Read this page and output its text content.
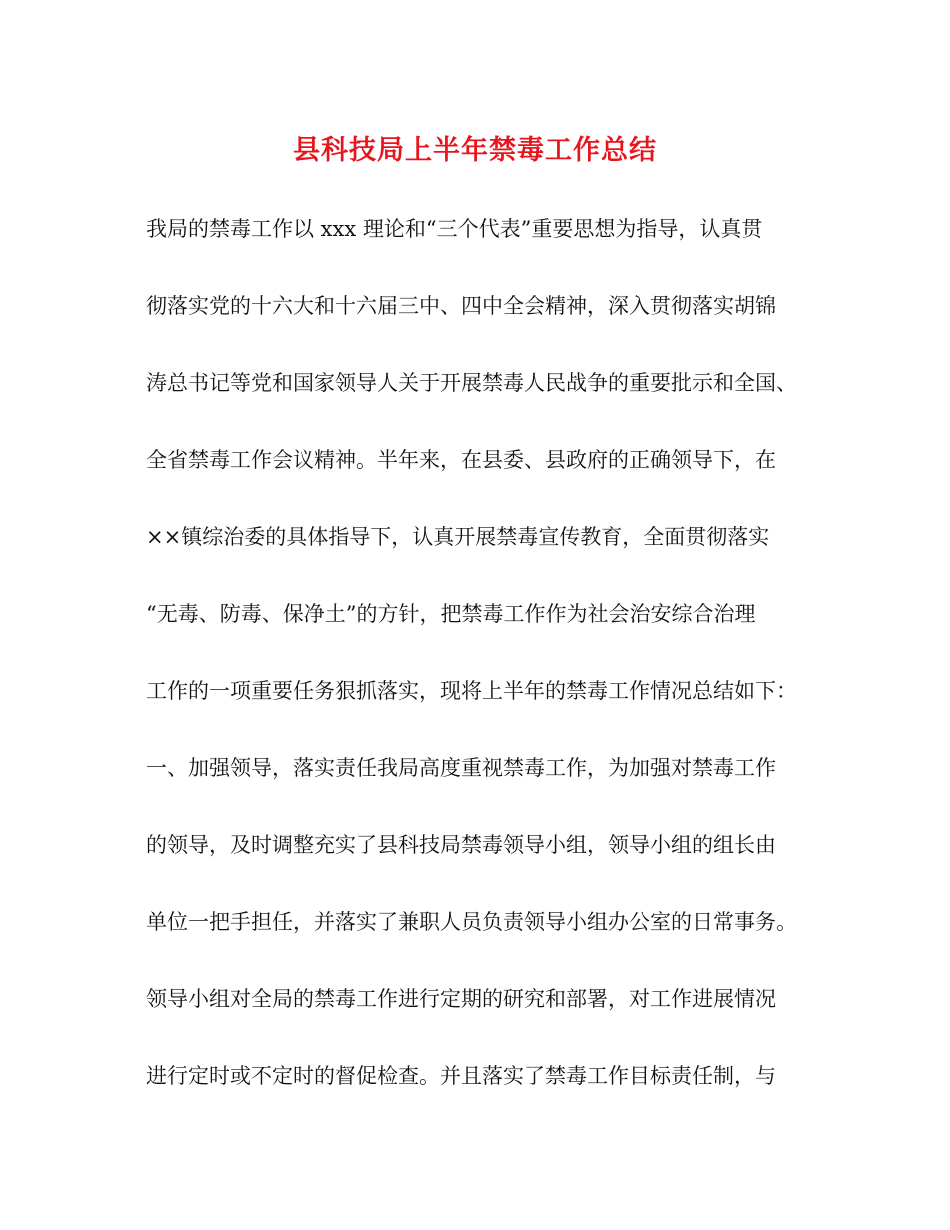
县科技局上半年禁毒工作总结
我局的禁毒工作以 xxx 理论和“三个代表”重要思想为指导，认真贯
彻落实党的十六大和十六届三中、四中全会精神，深入贯彻落实胡锦
涛总书记等党和国家领导人关于开展禁毒人民战争的重要批示和全国、
全省禁毒工作会议精神。半年来，在县委、县政府的正确领导下，在
××镇综治委的具体指导下，认真开展禁毒宣传教育，全面贯彻落实
“无毒、防毒、保净土”的方针，把禁毒工作作为社会治安综合治理
工作的一项重要任务狠抓落实，现将上半年的禁毒工作情况总结如下：
一、加强领导，落实责任我局高度重视禁毒工作，为加强对禁毒工作
的领导，及时调整充实了县科技局禁毒领导小组，领导小组的组长由
单位一把手担任，并落实了兼职人员负责领导小组办公室的日常事务。
领导小组对全局的禁毒工作进行定期的研究和部署，对工作进展情况
进行定时或不定时的督促检查。并且落实了禁毒工作目标责任制，与
